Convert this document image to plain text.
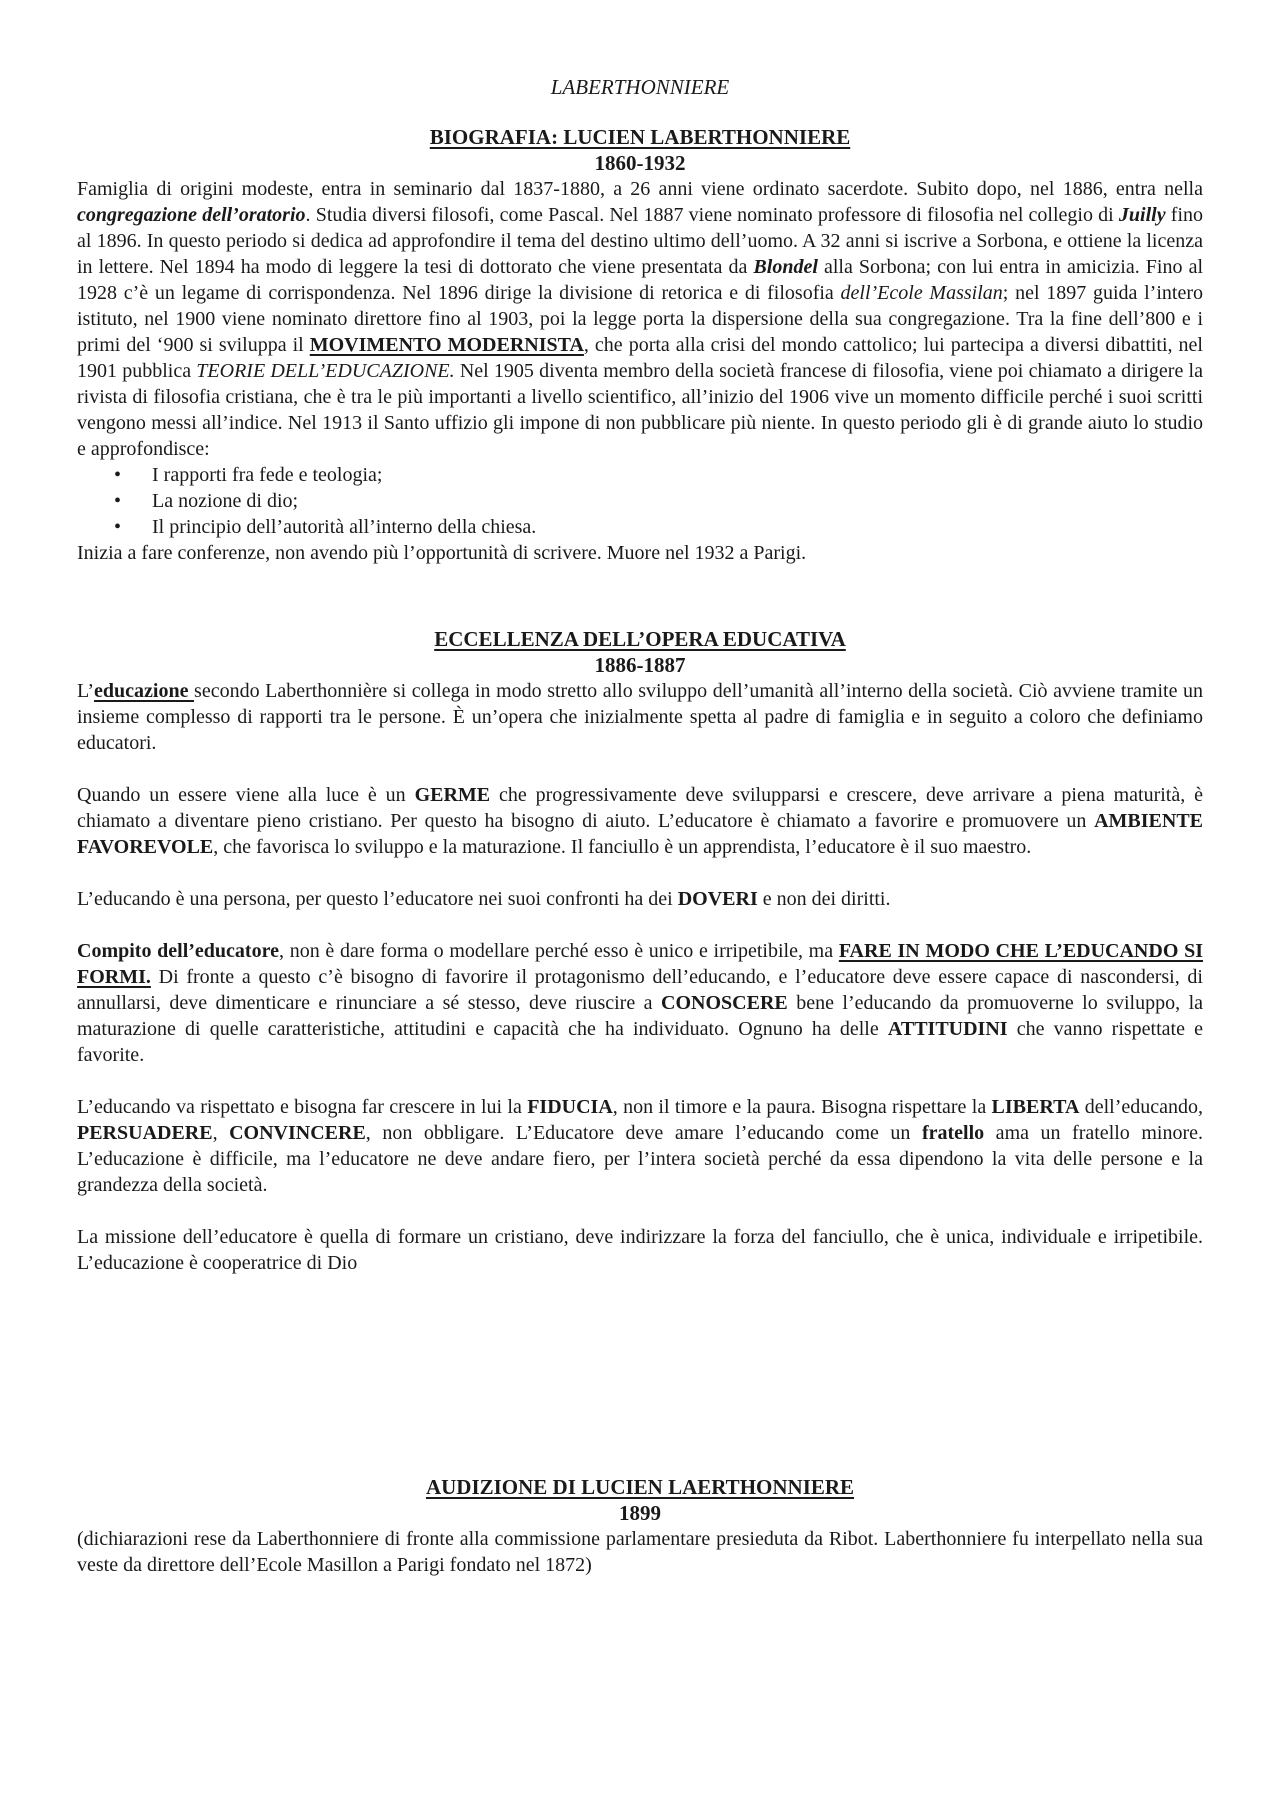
LABERTHONNIERE
BIOGRAFIA: LUCIEN LABERTHONNIERE
1860-1932

Famiglia di origini modeste, entra in seminario dal 1837-1880, a 26 anni viene ordinato sacerdote. Subito dopo, nel 1886, entra nella congregazione dell’oratorio. Studia diversi filosofi, come Pascal. Nel 1887 viene nominato professore di filosofia nel collegio di Juilly fino al 1896. In questo periodo si dedica ad approfondire il tema del destino ultimo dell’uomo. A 32 anni si iscrive a Sorbona, e ottiene la licenza in lettere. Nel 1894 ha modo di leggere la tesi di dottorato che viene presentata da Blondel alla Sorbona; con lui entra in amicizia. Fino al 1928 c’è un legame di corrispondenza. Nel 1896 dirige la divisione di retorica e di filosofia dell’Ecole Massilan; nel 1897 guida l’intero istituto, nel 1900 viene nominato direttore fino al 1903, poi la legge porta la dispersione della sua congregazione. Tra la fine dell’800 e i primi del ‘900 si sviluppa il MOVIMENTO MODERNISTA, che porta alla crisi del mondo cattolico; lui partecipa a diversi dibattiti, nel 1901 pubblica TEORIE DELL’EDUCAZIONE. Nel 1905 diventa membro della società francese di filosofia, viene poi chiamato a dirigere la rivista di filosofia cristiana, che è tra le più importanti a livello scientifico, all’inizio del 1906 vive un momento difficile perché i suoi scritti vengono messi all’indice. Nel 1913 il Santo uffizio gli impone di non pubblicare più niente. In questo periodo gli è di grande aiuto lo studio e approfondisce:

• I rapporti fra fede e teologia;
• La nozione di dio;
• Il principio dell’autorità all’interno della chiesa.

Inizia a fare conferenze, non avendo più l’opportunità di scrivere. Muore nel 1932 a Parigi.

ECCELLENZA DELL’OPERA EDUCATIVA
1886-1887

L’educazione secondo Laberthonnière si collega in modo stretto allo sviluppo dell’umanità all’interno della società. Ciò avviene tramite un insieme complesso di rapporti tra le persone. È un’opera che inizialmente spetta al padre di famiglia e in seguito a coloro che definiamo educatori.

Quando un essere viene alla luce è un GERME che progressivamente deve svilupparsi e crescere, deve arrivare a piena maturità, è chiamato a diventare pieno cristiano. Per questo ha bisogno di aiuto. L’educatore è chiamato a favorire e promuovere un AMBIENTE FAVOREVOLE, che favorisca lo sviluppo e la maturazione. Il fanciullo è un apprendista, l’educatore è il suo maestro.

L’educando è una persona, per questo l’educatore nei suoi confronti ha dei DOVERI e non dei diritti.

Compito dell’educatore, non è dare forma o modellare perché esso è unico e irripetibile, ma FARE IN MODO CHE L’EDUCANDO SI FORMI. Di fronte a questo c’è bisogno di favorire il protagonismo dell’educando, e l’educatore deve essere capace di nascondersi, di annullarsi, deve dimenticare e rinunciare a sé stesso, deve riuscire a CONOSCERE bene l’educando da promuoverne lo sviluppo, la maturazione di quelle caratteristiche, attitudini e capacità che ha individuato. Ognuno ha delle ATTITUDINI che vanno rispettate e favorite.

L’educando va rispettato e bisogna far crescere in lui la FIDUCIA, non il timore e la paura. Bisogna rispettare la LIBERTA dell’educando, PERSUADERE, CONVINCERE, non obbligare. L’Educatore deve amare l’educando come un fratello ama un fratello minore. L’educazione è difficile, ma l’educatore ne deve andare fiero, per l’intera società perché da essa dipendono la vita delle persone e la grandezza della società.

La missione dell’educatore è quella di formare un cristiano, deve indirizzare la forza del fanciullo, che è unica, individuale e irripetibile. L’educazione è cooperatrice di Dio

AUDIZIONE DI LUCIEN LAERTHONNIERE
1899

(dichiarazioni rese da Laberthonniere di fronte alla commissione parlamentare presieduta da Ribot. Laberthonniere fu interpellato nella sua veste da direttore dell’Ecole Masillon a Parigi fondato nel 1872)
